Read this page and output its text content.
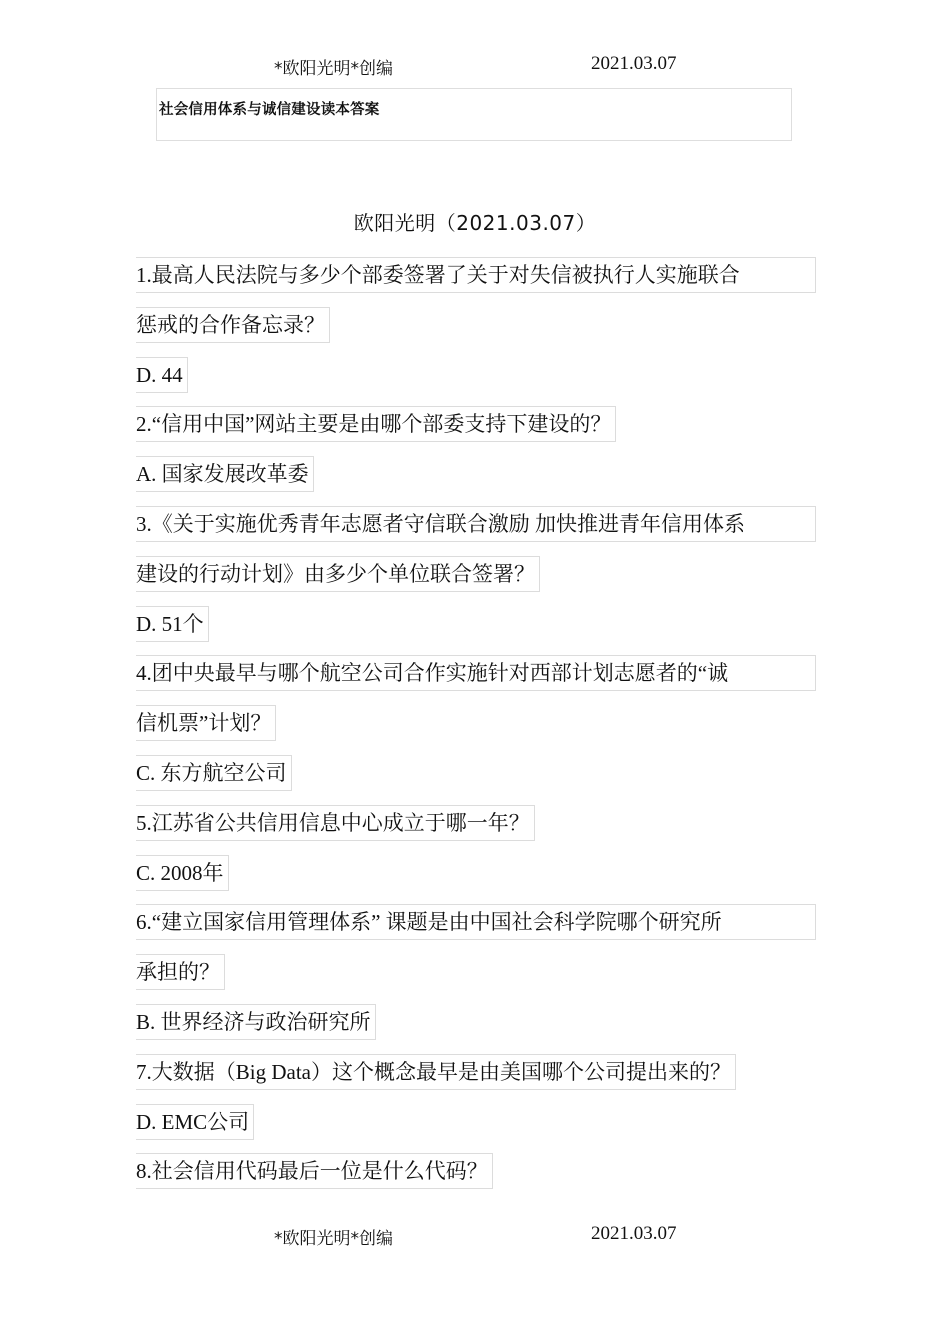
*欧阳光明*创编	2021.03.07
社会信用体系与诚信建设读本答案
欧阳光明（2021.03.07）
1.最高人民法院与多少个部委签署了关于对失信被执行人实施联合
惩戒的合作备忘录？
D. 44
2.“信用中国”网站主要是由哪个部委支持下建设的？
A. 国家发展改革委
3.《关于实施优秀青年志愿者守信联合激励 加快推进青年信用体系
建设的行动计划》由多少个单位联合签署？
D. 51个
4.团中央最早与哪个航空公司合作实施针对西部计划志愿者的“诚
信机票”计划？
C. 东方航空公司
5.江苏省公共信用信息中心成立于哪一年？
C. 2008年
6.“建立国家信用管理体系” 课题是由中国社会科学院哪个研究所
承担的？
B. 世界经济与政治研究所
7.大数据（Big Data）这个概念最早是由美国哪个公司提出来的？
D. EMC公司
8.社会信用代码最后一位是什么代码？
*欧阳光明*创编	2021.03.07
